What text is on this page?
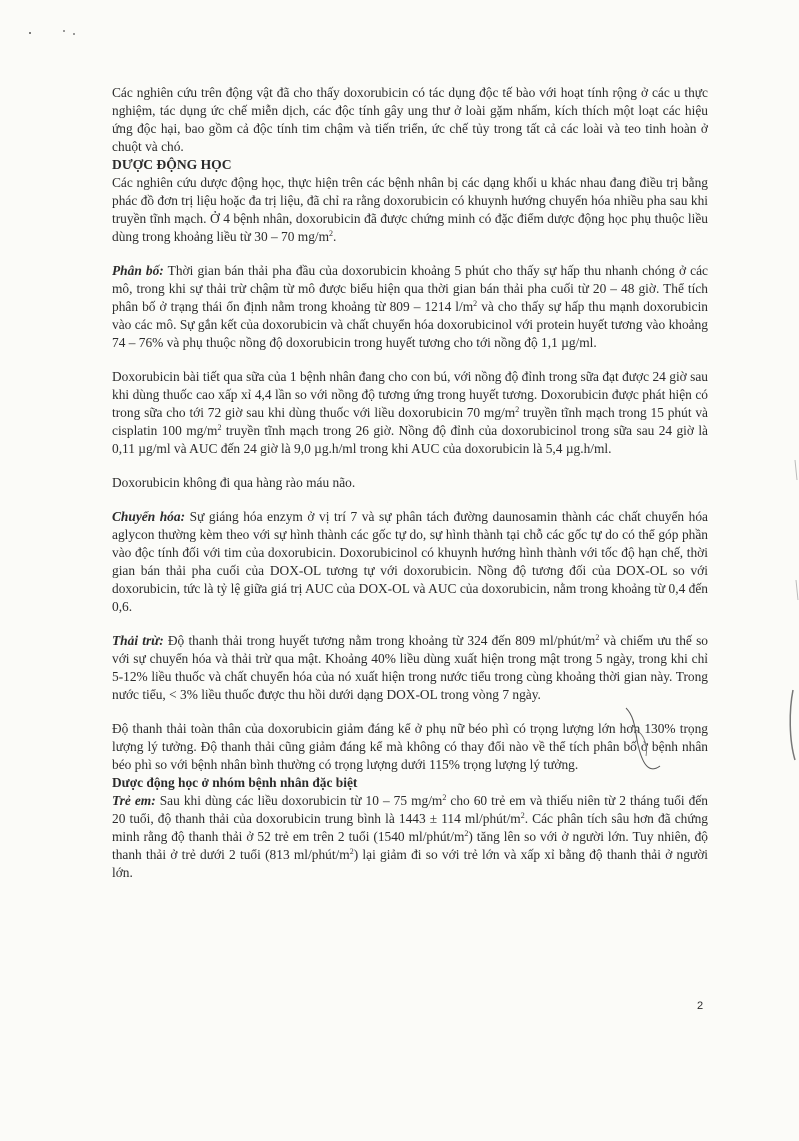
Các nghiên cứu trên động vật đã cho thấy doxorubicin có tác dụng độc tế bào với hoạt tính rộng ở các u thực nghiệm, tác dụng ức chế miễn dịch, các độc tính gây ung thư ở loài gặm nhấm, kích thích một loạt các hiệu ứng độc hại, bao gồm cả độc tính tim chậm và tiến triển, ức chế tủy trong tất cả các loài và teo tinh hoàn ở chuột và chó.

DƯỢC ĐỘNG HỌC

Các nghiên cứu dược động học, thực hiện trên các bệnh nhân bị các dạng khối u khác nhau đang điều trị bằng phác đồ đơn trị liệu hoặc đa trị liệu, đã chỉ ra rằng doxorubicin có khuynh hướng chuyển hóa nhiều pha sau khi truyền tĩnh mạch. Ở 4 bệnh nhân, doxorubicin đã được chứng minh có đặc điểm dược động học phụ thuộc liều dùng trong khoảng liều từ 30 – 70 $mg/m^2$.

Phân bố: Thời gian bán thải pha đầu của doxorubicin khoảng 5 phút cho thấy sự hấp thu nhanh chóng ở các mô, trong khi sự thải trừ chậm từ mô được biểu hiện qua thời gian bán thải pha cuối từ 20 – 48 giờ. Thể tích phân bố ở trạng thái ổn định nằm trong khoảng từ 809 – 1214 $l/m^2$ và cho thấy sự hấp thu mạnh doxorubicin vào các mô. Sự gắn kết của doxorubicin và chất chuyển hóa doxorubicinol với protein huyết tương vào khoảng 74 – 76% và phụ thuộc nồng độ doxorubicin trong huyết tương cho tới nồng độ 1,1 µg/ml.

Doxorubicin bài tiết qua sữa của 1 bệnh nhân đang cho con bú, với nồng độ đỉnh trong sữa đạt được 24 giờ sau khi dùng thuốc cao xấp xỉ 4,4 lần so với nồng độ tương ứng trong huyết tương. Doxorubicin được phát hiện có trong sữa cho tới 72 giờ sau khi dùng thuốc với liều doxorubicin 70 $mg/m^2$ truyền tĩnh mạch trong 15 phút và cisplatin 100 $mg/m^2$ truyền tĩnh mạch trong 26 giờ. Nồng độ đỉnh của doxorubicinol trong sữa sau 24 giờ là 0,11 µg/ml và AUC đến 24 giờ là 9,0 µg.h/ml trong khi AUC của doxorubicin là 5,4 µg.h/ml.

Doxorubicin không đi qua hàng rào máu não.

Chuyển hóa: Sự giáng hóa enzym ở vị trí 7 và sự phân tách đường daunosamin thành các chất chuyển hóa aglycon thường kèm theo với sự hình thành các gốc tự do, sự hình thành tại chỗ các gốc tự do có thể góp phần vào độc tính đối với tim của doxorubicin. Doxorubicinol có khuynh hướng hình thành với tốc độ hạn chế, thời gian bán thải pha cuối của DOX-OL tương tự với doxorubicin. Nồng độ tương đối của DOX-OL so với doxorubicin, tức là tỷ lệ giữa giá trị AUC của DOX-OL và AUC của doxorubicin, nằm trong khoảng từ 0,4 đến 0,6.

Thải trừ: Độ thanh thải trong huyết tương nằm trong khoảng từ 324 đến 809 $ml/phút/m^2$ và chiếm ưu thế so với sự chuyển hóa và thải trừ qua mật. Khoảng 40% liều dùng xuất hiện trong mật trong 5 ngày, trong khi chỉ 5-12% liều thuốc và chất chuyển hóa của nó xuất hiện trong nước tiểu trong cùng khoảng thời gian này. Trong nước tiểu, < 3% liều thuốc được thu hồi dưới dạng DOX-OL trong vòng 7 ngày.

Độ thanh thải toàn thân của doxorubicin giảm đáng kể ở phụ nữ béo phì có trọng lượng lớn hơn 130% trọng lượng lý tưởng. Độ thanh thải cũng giảm đáng kể mà không có thay đổi nào về thể tích phân bố ở bệnh nhân béo phì so với bệnh nhân bình thường có trọng lượng dưới 115% trọng lượng lý tưởng.

Dược động học ở nhóm bệnh nhân đặc biệt

Trẻ em: Sau khi dùng các liều doxorubicin từ 10 – 75 $mg/m^2$ cho 60 trẻ em và thiếu niên từ 2 tháng tuổi đến 20 tuổi, độ thanh thải của doxorubicin trung bình là 1443 ± 114 $ml/phút/m^2$. Các phân tích sâu hơn đã chứng minh rằng độ thanh thải ở 52 trẻ em trên 2 tuổi (1540 $ml/phút/m^2$) tăng lên so với ở người lớn. Tuy nhiên, độ thanh thải ở trẻ dưới 2 tuổi (813 $ml/phút/m^2$) lại giảm đi so với trẻ lớn và xấp xỉ bằng độ thanh thải ở người lớn.

2
